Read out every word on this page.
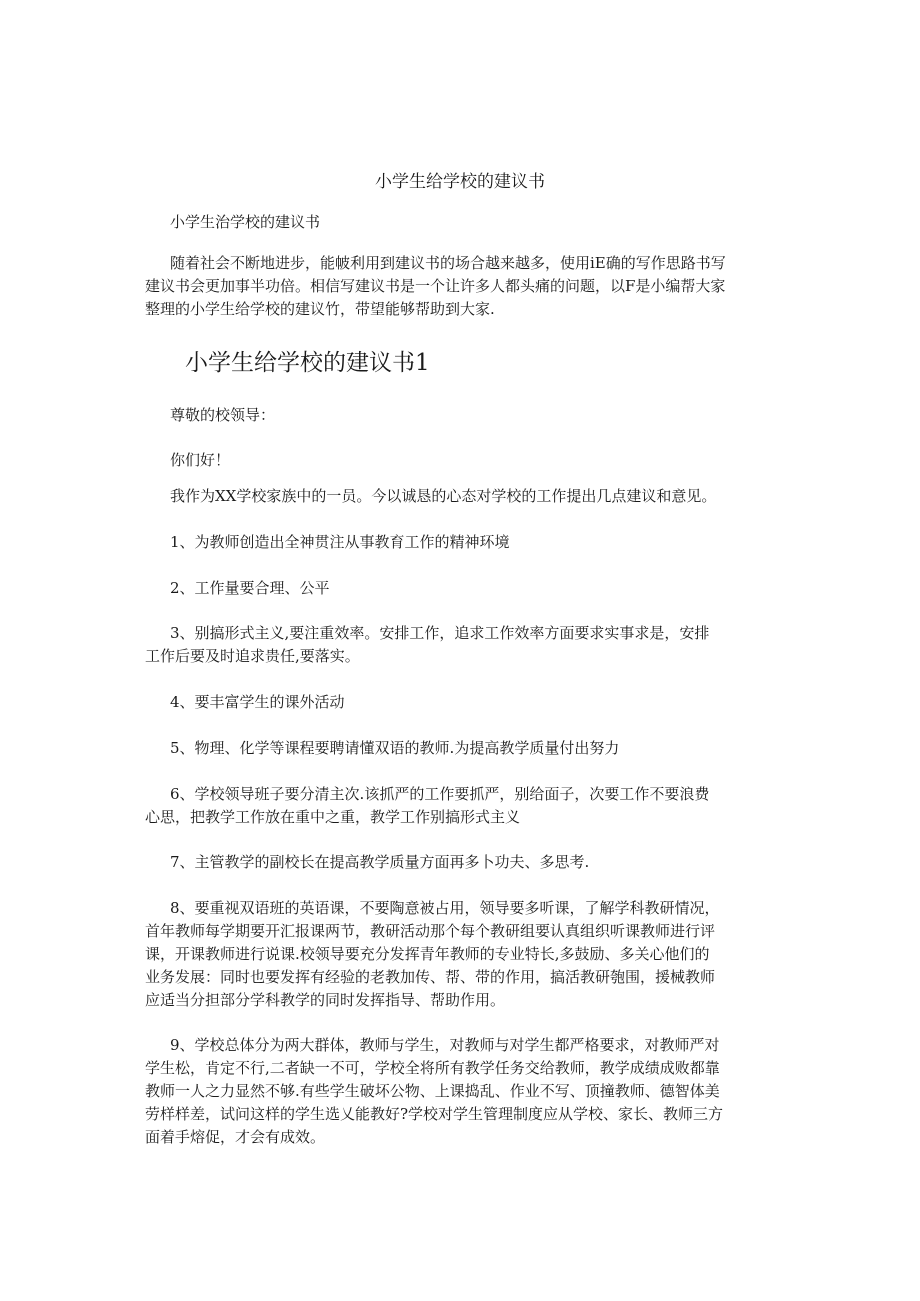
小学生给学校的建议书

小学生治学校的建议书

随着社会不断地进步，能帔利用到建议书的场合越来越多，使用iE确的写作思路书写
建议书会更加事半功倍。相信写建议书是一个让许多人都头痛的问题，以F是小编帮大家
整理的小学生给学校的建议竹，带望能够帮助到大家.
小学生给学校的建议书1

尊敬的校领导：

你们好！

我作为XX学校家族中的一员。今以诚恳的心态对学校的工作提出几点建议和意见。

1、为教师创造出全神贯注从事教育工作的精神环境

2、工作量要合理、公平

3、别搞形式主义,要注重效率。安排工作，追求工作效率方面要求实事求是，安排
工作后要及时追求贵任,要落实。

4、要丰富学生的课外活动

5、物理、化学等课程要聘请懂双语的教师.为提高教学质量付出努力

6、学校领导班子要分清主次.该抓严的工作要抓严，别给面子，次要工作不要浪费
心思，把教学工作放在重中之重，教学工作别搞形式主义

7、主管教学的副校长在提高教学质量方面再多卜功夫、多思考.

8、要重视双语班的英语课，不要陶意被占用，领导要多听课，了解学科教研情况，
首年教师每学期要开汇报课两节，教研活动那个每个教研组要认真组织听课教师进行评
课，开课教师进行说课.校领导要充分发挥青年教师的专业特长,多鼓励、多关心他们的
业务发展：同时也要发挥有经验的老教加传、帮、带的作用，搞活教研匏围，援械教师
应适当分担部分学科教学的同时发挥指导、帮助作用。
9、学校总体分为两大群体，教师与学生，对教师与对学生都严格要求，对教师严对
学生松，肯定不行,二者缺一不可，学校全将所有教学任务交给教师，教学成绩成败都靠
教师一人之力显然不够.有些学生破坏公物、上课捣乱、作业不写、顶撞教师、德智体美
劳样样差，试问这样的学生选乂能教好?学校对学生管理制度应从学校、家长、教师三方
面着手熔促，才会有成效。
